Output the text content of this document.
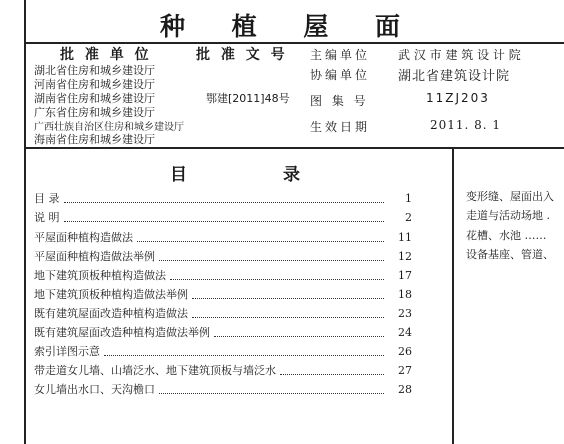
种 植 屋 面
批 准 单 位	批 准 文 号
湖北省住房和城乡建设厅
河南省住房和城乡建设厅
湖南省住房和城乡建设厅
广东省住房和城乡建设厅
广西壮族自治区住房和城乡建设厅
海南省住房和城乡建设厅
鄂建[2011]48号
主编单位 武 汉 市 建 筑 设 计 院
协编单位 湖北省建筑设计院
图 集 号	11ZJ203
生效日期	2011. 8. 1
目	录
目 录	1
说 明	2
平屋面种植构造做法	11
平屋面种植构造做法举例	12
地下建筑顶板种植构造做法	17
地下建筑顶板种植构造做法举例	18
既有建筑屋面改造种植构造做法	23
既有建筑屋面改造种植构造做法举例	24
索引详图示意	26
带走道女儿墙、山墙泛水、地下建筑顶板与墙泛水	27
女儿墙出水口、天沟檐口	28
变形缝、屋面出入
走道与活动场地 .
花槽、水池 ……
设备基座、管道、
